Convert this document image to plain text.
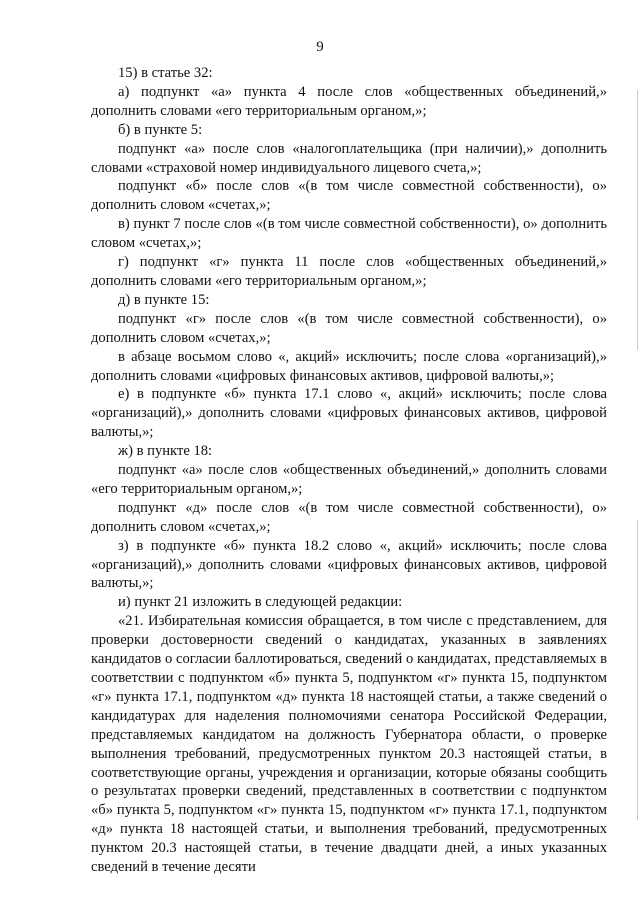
9

15) в статье 32:

а) подпункт «а» пункта 4 после слов «общественных объединений,» дополнить словами «его территориальным органом,»;

б) в пункте 5:

подпункт «а» после слов «налогоплательщика (при наличии),» дополнить словами «страховой номер индивидуального лицевого счета,»;

подпункт «б» после слов «(в том числе совместной собственности), о» дополнить словом «счетах,»;

в) пункт 7 после слов «(в том числе совместной собственности), о» дополнить словом «счетах,»;

г) подпункт «г» пункта 11 после слов «общественных объединений,» дополнить словами «его территориальным органом,»;

д) в пункте 15:

подпункт «г» после слов «(в том числе совместной собственности), о» дополнить словом «счетах,»;

в абзаце восьмом слово «, акций» исключить; после слова «организаций),» дополнить словами «цифровых финансовых активов, цифровой валюты,»;

е) в подпункте «б» пункта 17.1 слово «, акций» исключить; после слова «организаций),» дополнить словами «цифровых финансовых активов, цифровой валюты,»;

ж) в пункте 18:

подпункт «а» после слов «общественных объединений,» дополнить словами «его территориальным органом,»;

подпункт «д» после слов «(в том числе совместной собственности), о» дополнить словом «счетах,»;

з) в подпункте «б» пункта 18.2 слово «, акций» исключить; после слова «организаций),» дополнить словами «цифровых финансовых активов, цифровой валюты,»;

и) пункт 21 изложить в следующей редакции:

«21. Избирательная комиссия обращается, в том числе с представлением, для проверки достоверности сведений о кандидатах, указанных в заявлениях кандидатов о согласии баллотироваться, сведений о кандидатах, представляемых в соответствии с подпунктом «б» пункта 5, подпунктом «г» пункта 15, подпунктом «г» пункта 17.1, подпунктом «д» пункта 18 настоящей статьи, а также сведений о кандидатурах для наделения полномочиями сенатора Российской Федерации, представляемых кандидатом на должность Губернатора области, о проверке выполнения требований, предусмотренных пунктом 20.3 настоящей статьи, в соответствующие органы, учреждения и организации, которые обязаны сообщить о результатах проверки сведений, представленных в соответствии с подпунктом «б» пункта 5, подпунктом «г» пункта 15, подпунктом «г» пункта 17.1, подпунктом «д» пункта 18 настоящей статьи, и выполнения требований, предусмотренных пунктом 20.3 настоящей статьи, в течение двадцати дней, а иных указанных сведений в течение десяти
